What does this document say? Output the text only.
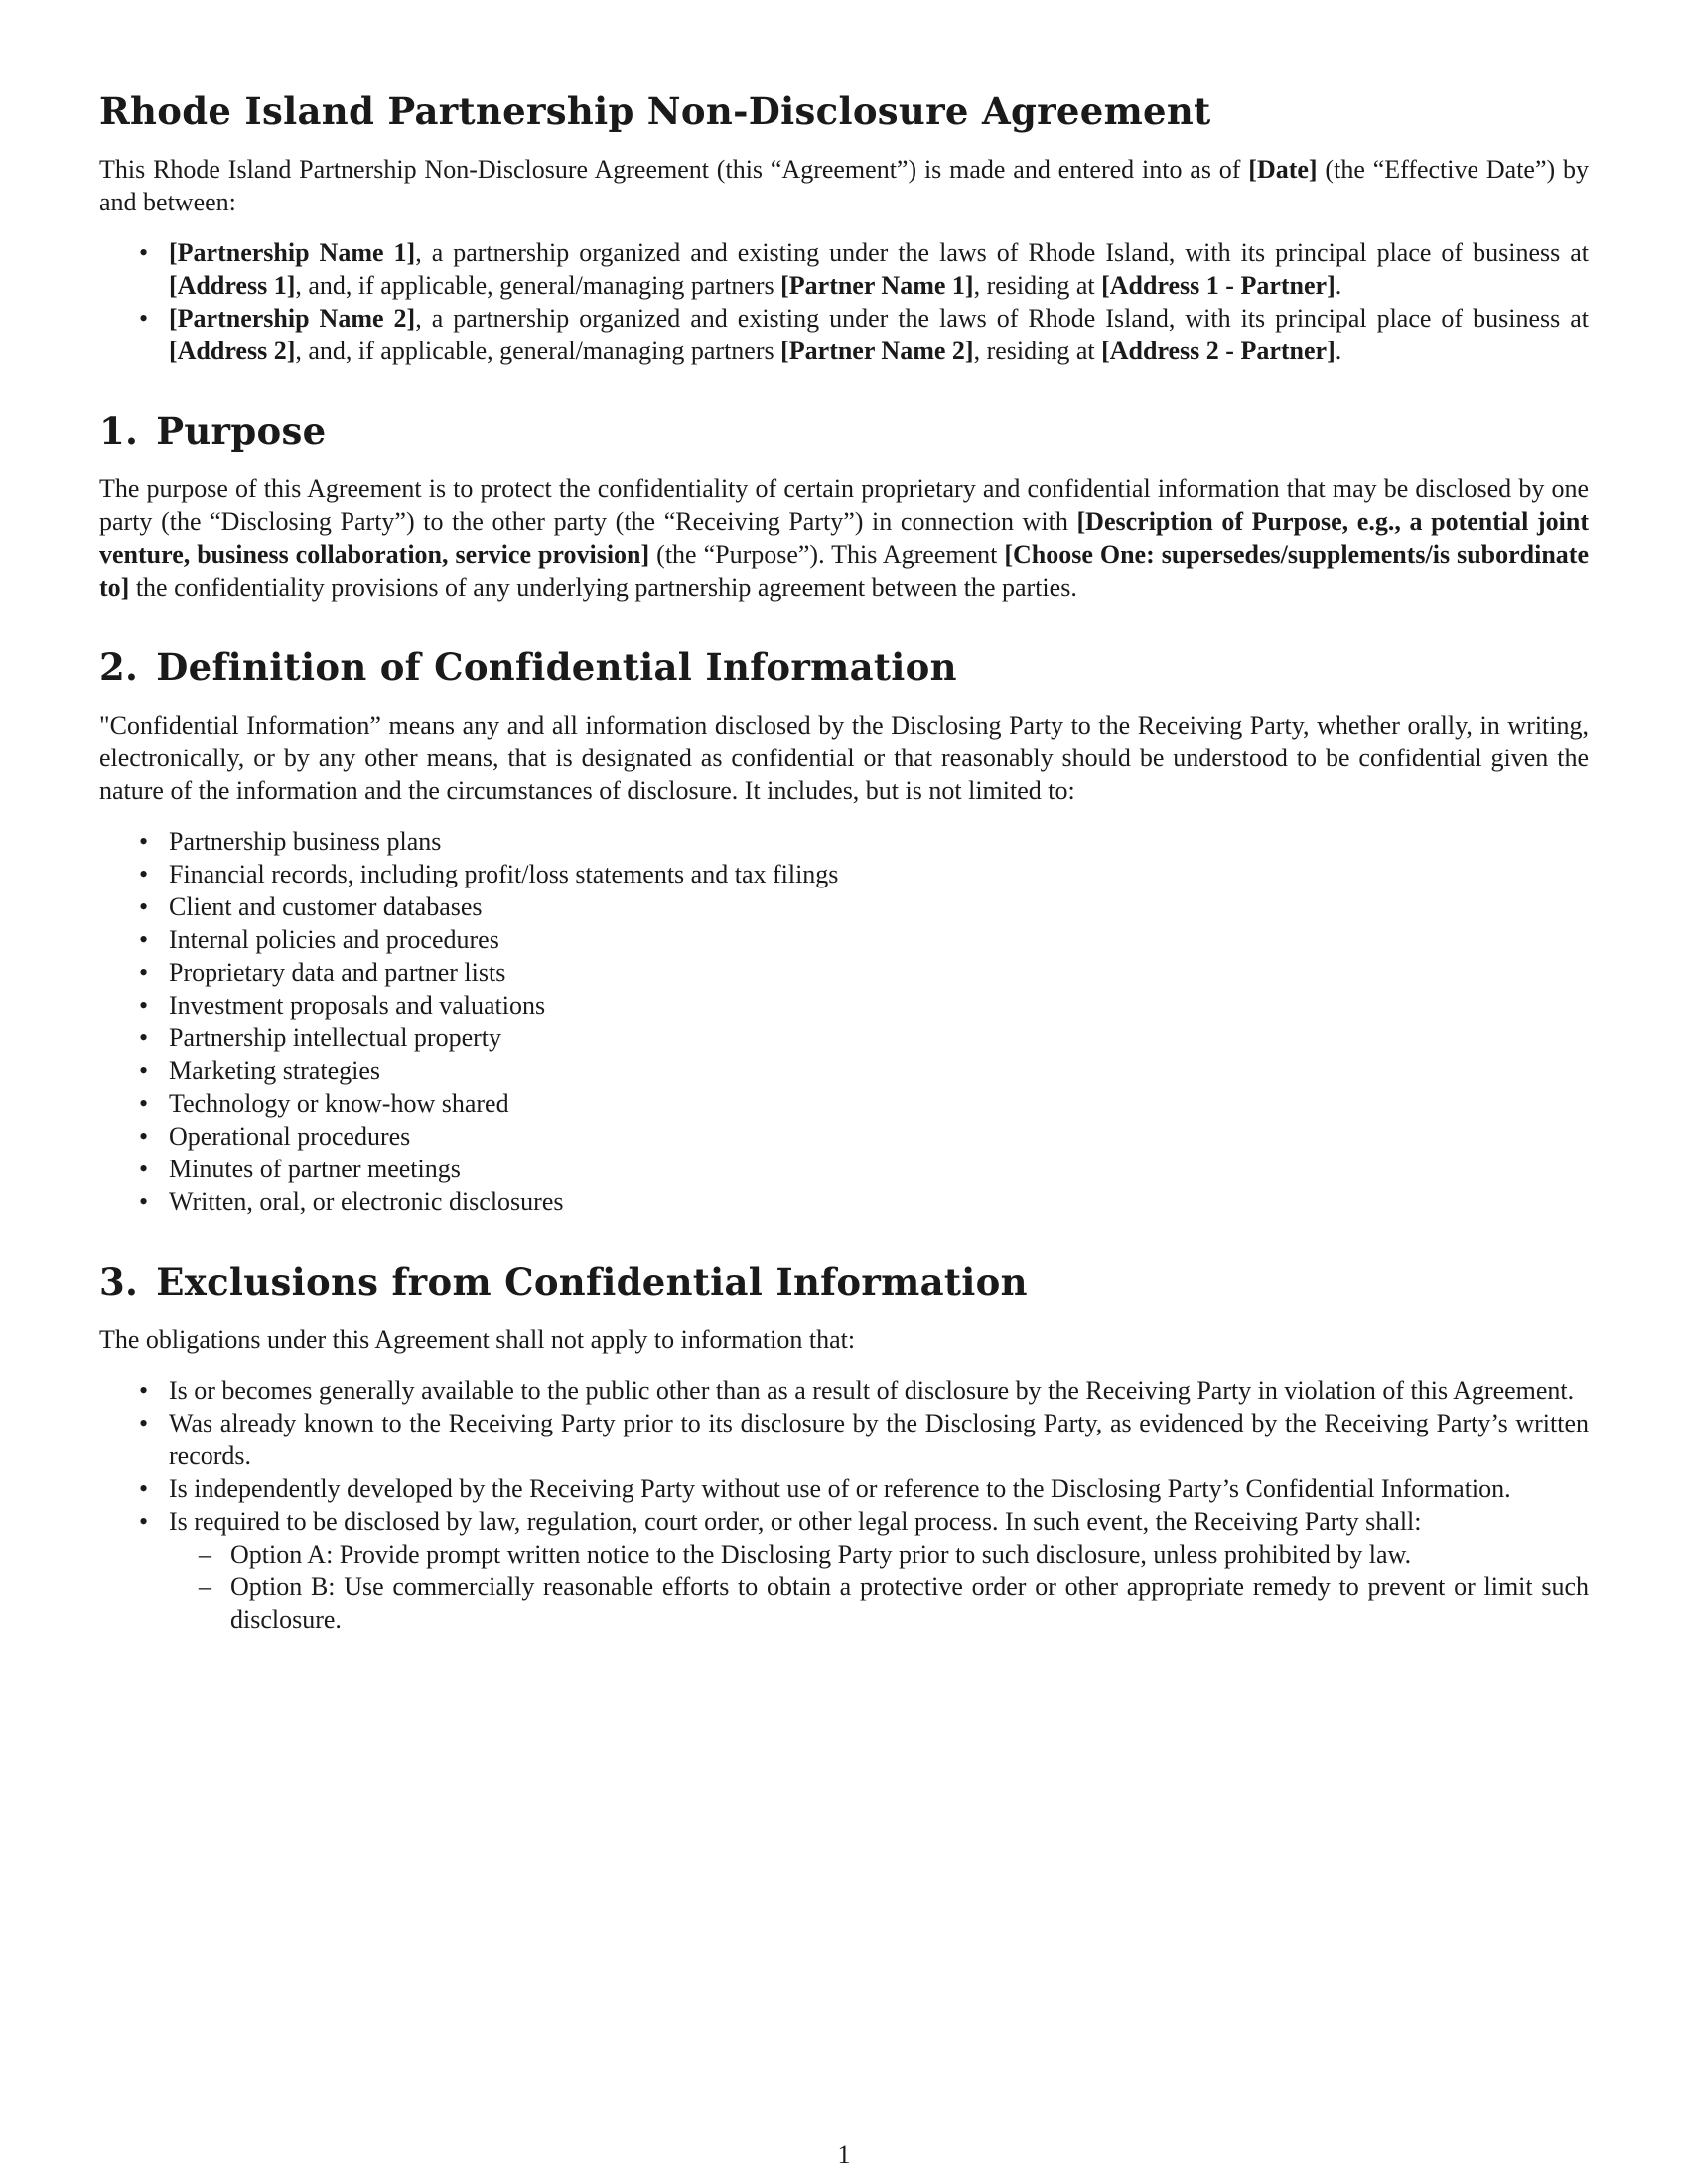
Rhode Island Partnership Non-Disclosure Agreement

This Rhode Island Partnership Non-Disclosure Agreement (this “Agreement”) is made and entered into as of [Date] (the “Effective Date”) by and between:

• [Partnership Name 1], a partnership organized and existing under the laws of Rhode Island, with its principal place of business at [Address 1], and, if applicable, general/managing partners [Partner Name 1], residing at [Address 1 - Partner].
• [Partnership Name 2], a partnership organized and existing under the laws of Rhode Island, with its principal place of business at [Address 2], and, if applicable, general/managing partners [Partner Name 2], residing at [Address 2 - Partner].
1. Purpose

The purpose of this Agreement is to protect the confidentiality of certain proprietary and confidential information that may be disclosed by one party (the “Disclosing Party”) to the other party (the “Receiving Party”) in connection with [Description of Purpose, e.g., a potential joint venture, business collaboration, service provision] (the “Purpose”). This Agreement [Choose One: supersedes/supplements/is subordinate to] the confidentiality provisions of any underlying partnership agreement between the parties.

2. Definition of Confidential Information

"Confidential Information” means any and all information disclosed by the Disclosing Party to the Receiving Party, whether orally, in writing, electronically, or by any other means, that is designated as confidential or that reasonably should be understood to be confidential given the nature of the information and the circumstances of disclosure. It includes, but is not limited to:

• Partnership business plans
• Financial records, including profit/loss statements and tax filings
• Client and customer databases
• Internal policies and procedures
• Proprietary data and partner lists
• Investment proposals and valuations
• Partnership intellectual property
• Marketing strategies
• Technology or know-how shared
• Operational procedures
• Minutes of partner meetings
• Written, oral, or electronic disclosures
3. Exclusions from Confidential Information

The obligations under this Agreement shall not apply to information that:

• Is or becomes generally available to the public other than as a result of disclosure by the Receiving Party in violation of this Agreement.
• Was already known to the Receiving Party prior to its disclosure by the Disclosing Party, as evidenced by the Receiving Party’s written records.
• Is independently developed by the Receiving Party without use of or reference to the Disclosing Party’s Confidential Information.
• Is required to be disclosed by law, regulation, court order, or other legal process. In such event, the Receiving Party shall:
– Option A: Provide prompt written notice to the Disclosing Party prior to such disclosure, unless prohibited by law.
– Option B: Use commercially reasonable efforts to obtain a protective order or other appropriate remedy to prevent or limit such disclosure.
1
